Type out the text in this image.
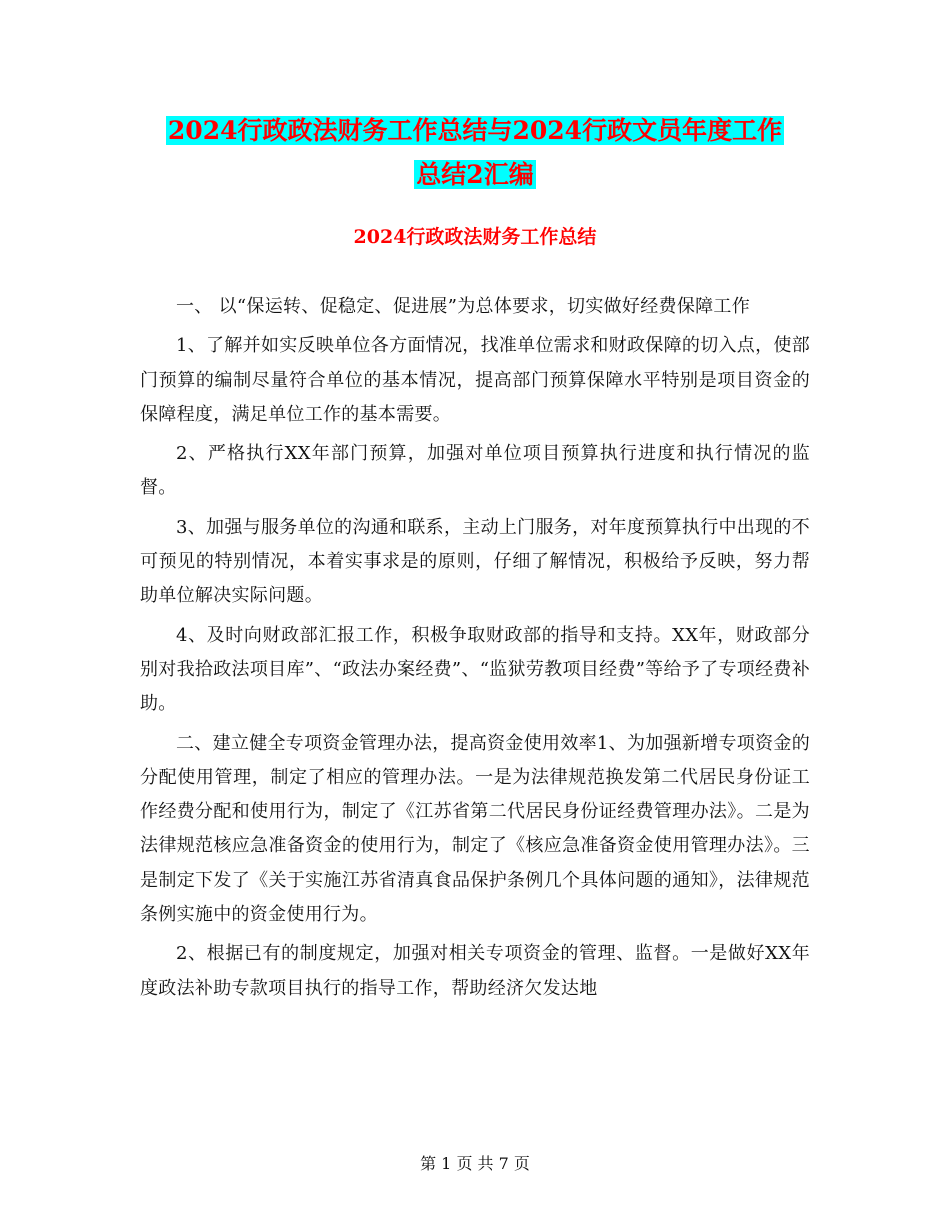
2024行政政法财务工作总结与2024行政文员年度工作
总结2汇编
2024行政政法财务工作总结

一、 以“保运转、促稳定、促进展”为总体要求，切实做好经费保障工作

1、了解并如实反映单位各方面情况，找准单位需求和财政保障的切入点，使部门预算的编制尽量符合单位的基本情况，提高部门预算保障水平特别是项目资金的保障程度，满足单位工作的基本需要。

2、严格执行XX年部门预算，加强对单位项目预算执行进度和执行情况的监督。

3、加强与服务单位的沟通和联系，主动上门服务，对年度预算执行中出现的不可预见的特别情况，本着实事求是的原则，仔细了解情况，积极给予反映，努力帮助单位解决实际问题。

4、及时向财政部汇报工作，积极争取财政部的指导和支持。XX年，财政部分别对我拾政法项目库”、“政法办案经费”、“监狱劳教项目经费”等给予了专项经费补助。

二、建立健全专项资金管理办法，提高资金使用效率1、为加强新增专项资金的分配使用管理，制定了相应的管理办法。一是为法律规范换发第二代居民身份证工作经费分配和使用行为，制定了《江苏省第二代居民身份证经费管理办法》。二是为法律规范核应急准备资金的使用行为，制定了《核应急准备资金使用管理办法》。三是制定下发了《关于实施江苏省清真食品保护条例几个具体问题的通知》，法律规范条例实施中的资金使用行为。

2、根据已有的制度规定，加强对相关专项资金的管理、监督。一是做好XX年度政法补助专款项目执行的指导工作，帮助经济欠发达地

第 1 页 共 7 页
